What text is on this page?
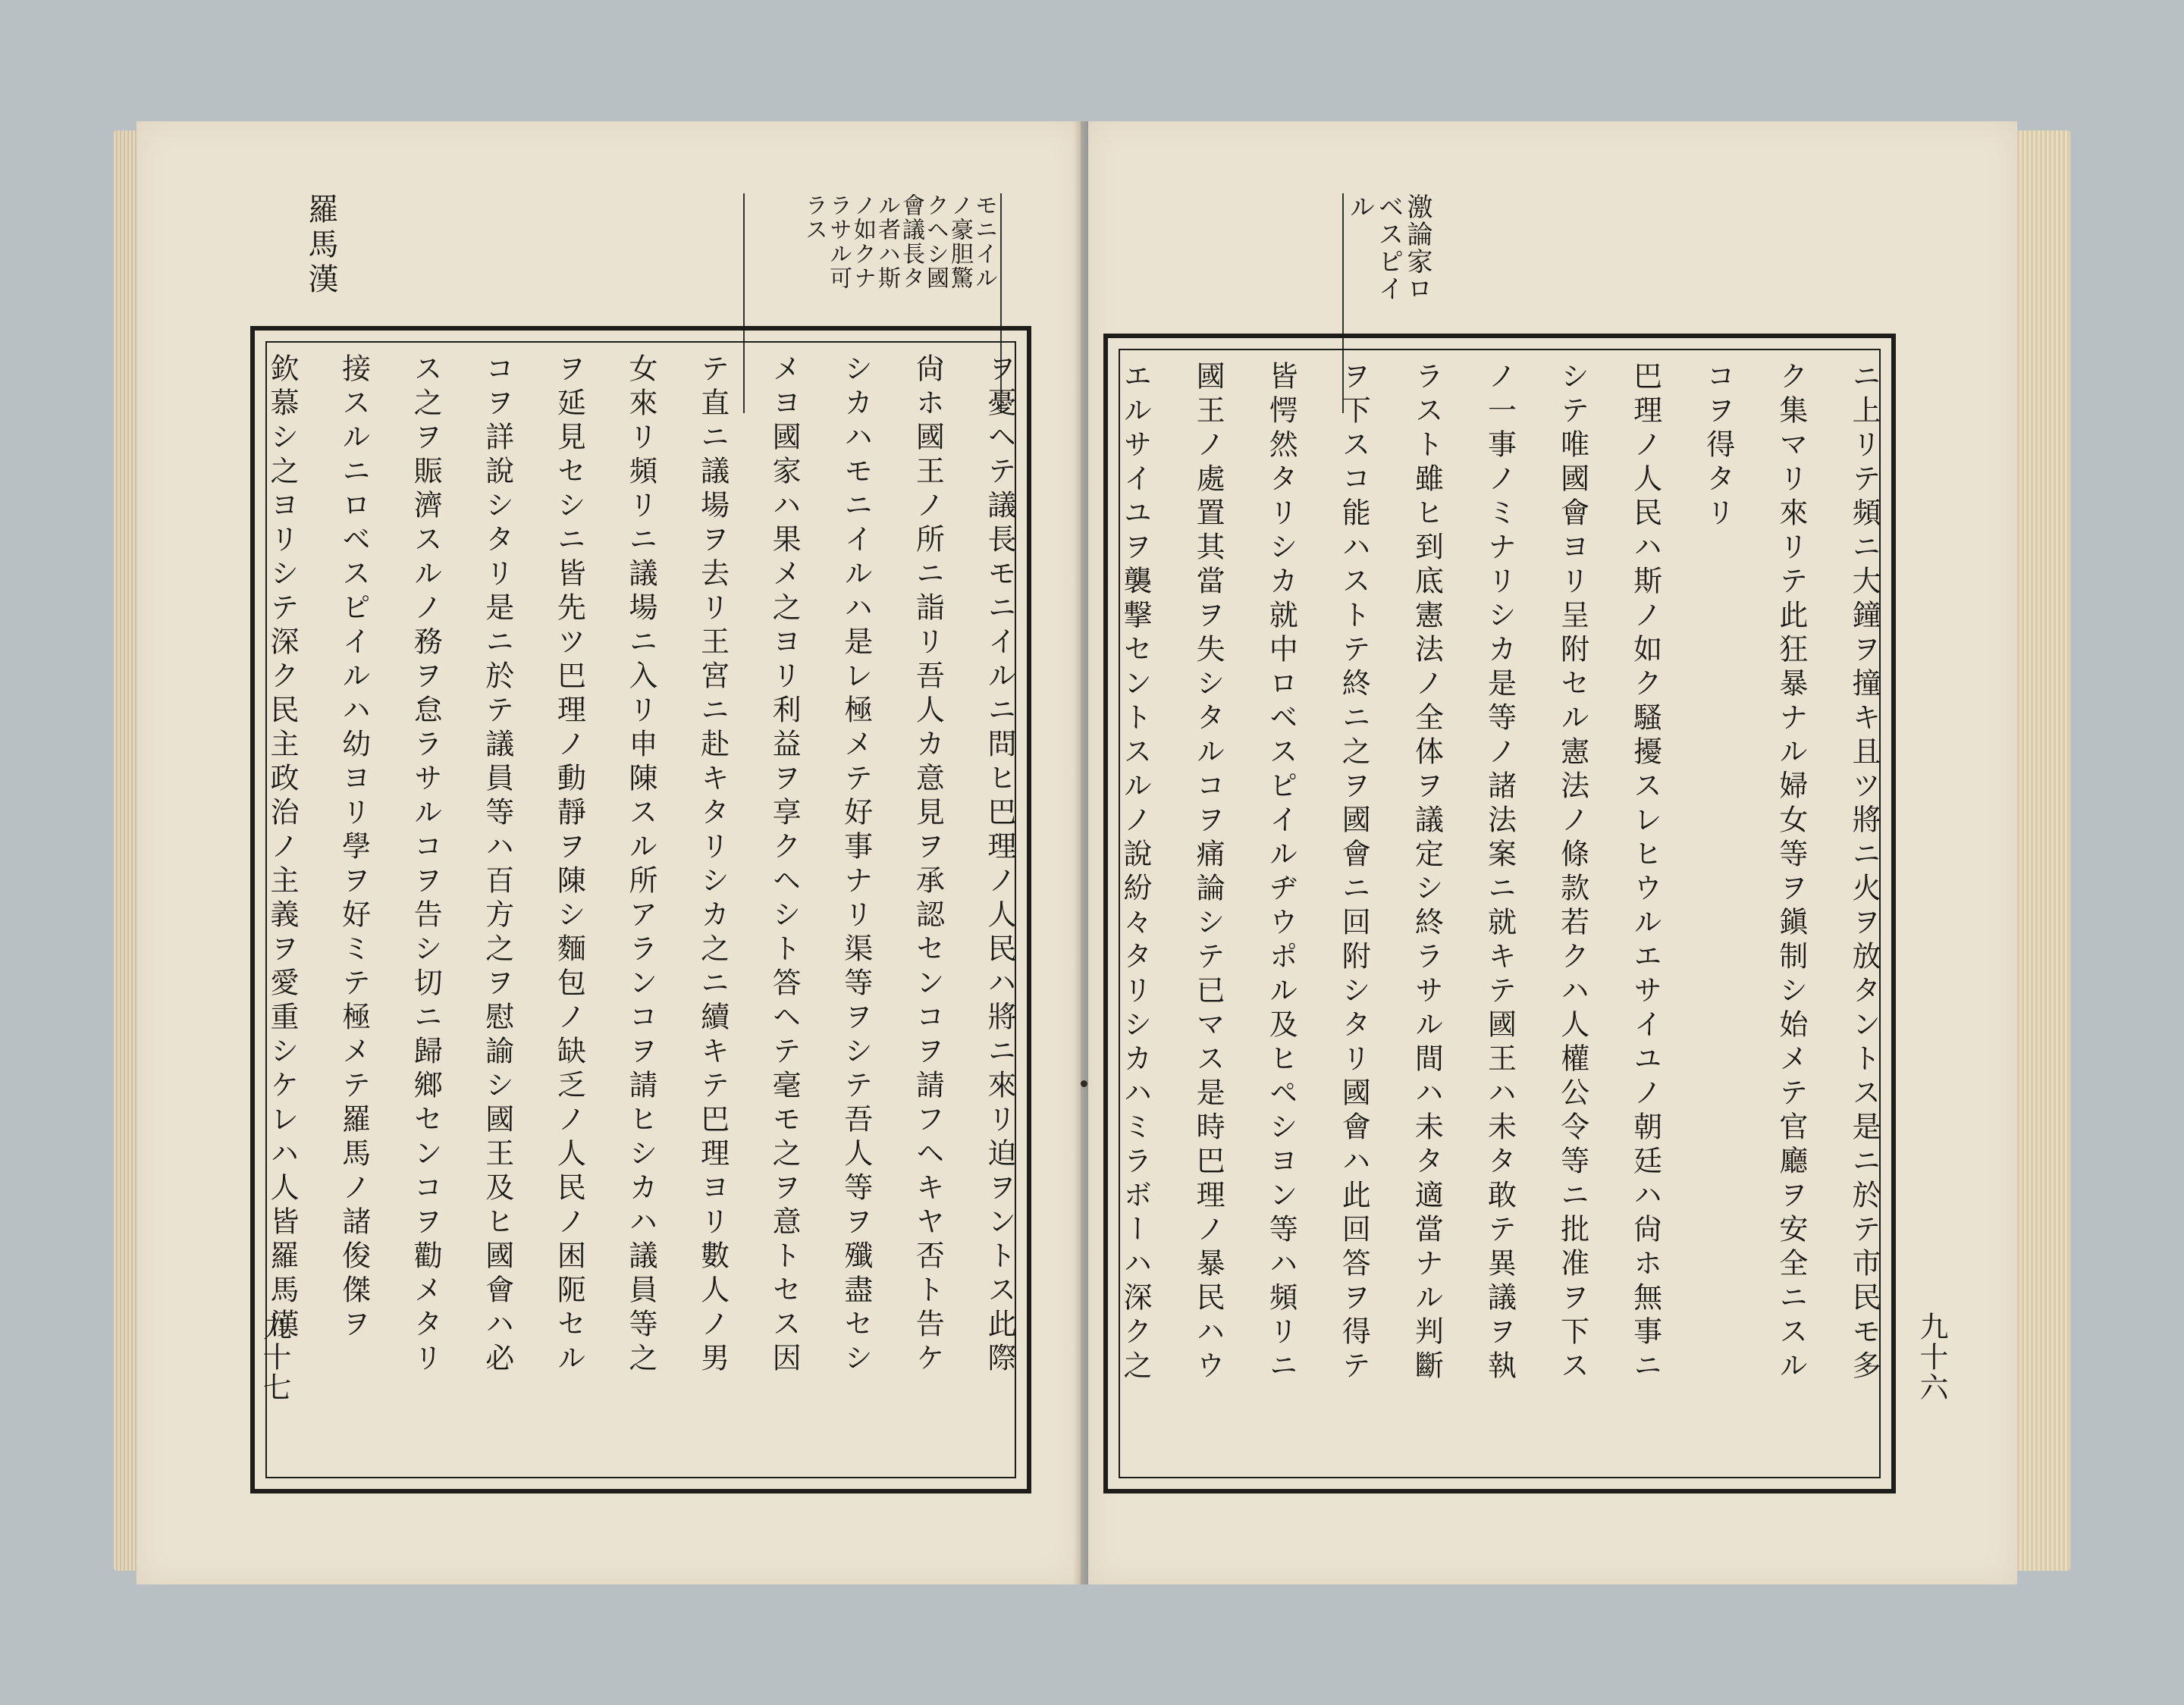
羅馬漢	モニイル
ノ豪胆驚
クヘシ國
會議長タ
ル者ハ斯
ノ如クナ
ラサル可
ラス
ヲ憂ヘテ議長モニイルニ問ヒ巴理ノ人民ハ將ニ來リ迫ヲントス此際
尙ホ國王ノ所ニ詣リ吾人カ意見ヲ承認センコヲ請フヘキヤ否ト告ケ
シカハモニイルハ是レ極メテ好事ナリ渠等ヲシテ吾人等ヲ殲盡セシ
メヨ國家ハ果メ之ヨリ利益ヲ享クヘシト答ヘテ毫モ之ヲ意トセス因
テ直ニ議場ヲ去リ王宮ニ赴キタリシカ之ニ續キテ巴理ヨリ數人ノ男
女來リ頻リニ議場ニ入リ申陳スル所アランコヲ請ヒシカハ議員等之
ヲ延見セシニ皆先ツ巴理ノ動靜ヲ陳シ麵包ノ缺乏ノ人民ノ困阨セル
コヲ詳說シタリ是ニ於テ議員等ハ百方之ヲ慰諭シ國王及ヒ國會ハ必
ス之ヲ賑濟スルノ務ヲ怠ラサルコヲ告シ切ニ歸鄉センコヲ勸メタリ
接スルニロベスピイルハ幼ヨリ學ヲ好ミテ極メテ羅馬ノ諸俊傑ヲ
欽慕シ之ヨリシテ深ク民主政治ノ主義ヲ愛重シケレハ人皆羅馬漢
九十七
激論家ロ
ベスピイ
ル
ニ上リテ頻ニ大鐘ヲ撞キ且ツ將ニ火ヲ放タントス是ニ於テ市民モ多
ク集マリ來リテ此狂暴ナル婦女等ヲ鎭制シ始メテ官廳ヲ安全ニスル
コヲ得タリ
巴理ノ人民ハ斯ノ如ク騷擾スレヒウルエサイユノ朝廷ハ尙ホ無事ニ
シテ唯國會ヨリ呈附セル憲法ノ條款若クハ人權公令等ニ批准ヲ下ス
ノ一事ノミナリシカ是等ノ諸法案ニ就キテ國王ハ未タ敢テ異議ヲ執
ラスト雖ヒ到底憲法ノ全体ヲ議定シ終ラサル間ハ未タ適當ナル判斷
ヲ下スコ能ハストテ終ニ之ヲ國會ニ回附シタリ國會ハ此回答ヲ得テ
皆愕然タリシカ就中ロベスピイルヂウポル及ヒペシヨン等ハ頻リニ
國王ノ處置其當ヲ失シタルコヲ痛論シテ已マス是時巴理ノ暴民ハウ
エルサイユヲ襲撃セントスルノ說紛々タリシカハミラボーハ深ク之	九十六
